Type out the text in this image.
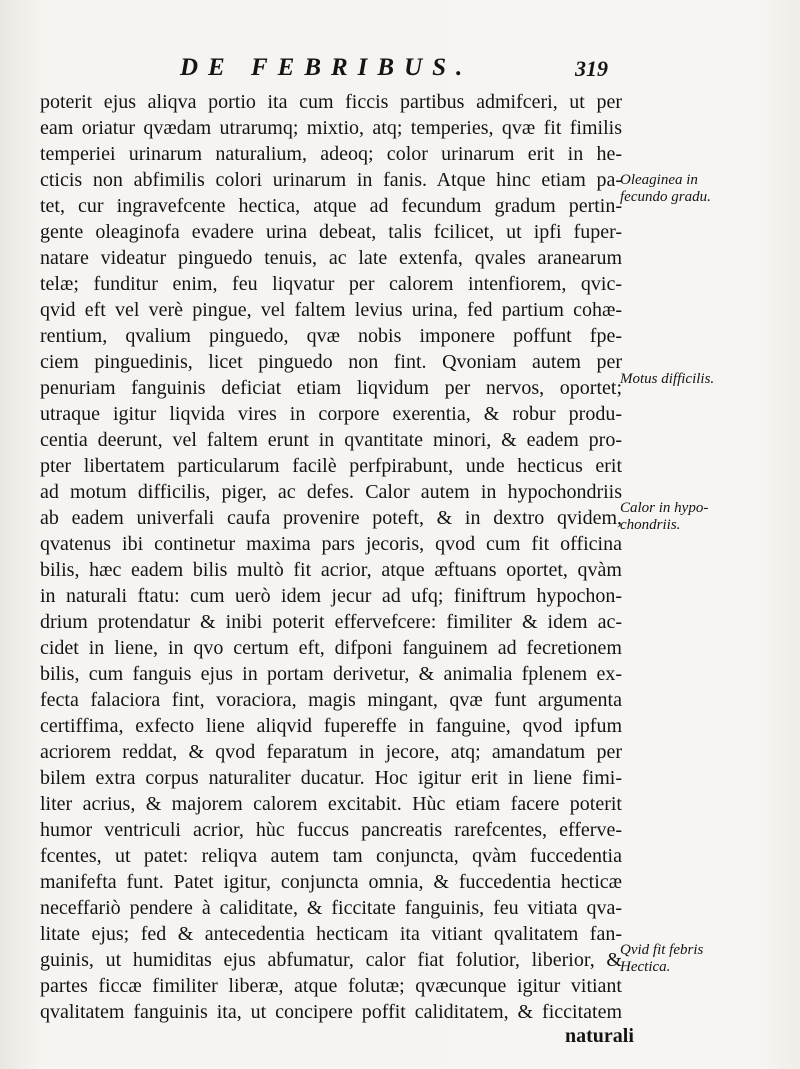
DE FEBRIBUS.	319
poterit ejus aliqva portio ita cum ficcis partibus admifceri, ut per
eam oriatur qvædam utrarumq; mixtio, atq; temperies, qvæ fit fimilis
temperiei urinarum naturalium, adeoq; color urinarum erit in he-
cticis non abfimilis colori urinarum in fanis. Atque hinc etiam pa-
tet, cur ingravefcente hectica, atque ad fecundum gradum pertin-
gente oleaginofa evadere urina debeat, talis fcilicet, ut ipfi fuper-
natare videatur pinguedo tenuis, ac late extenfa, qvales aranearum
telæ; funditur enim, feu liqvatur per calorem intenfiorem, qvic-
qvid eft vel verè pingue, vel faltem levius urina, fed partium cohæ-
rentium, qvalium pinguedo, qvæ nobis imponere poffunt fpe-
ciem pinguedinis, licet pinguedo non fint. Qvoniam autem per
penuriam fanguinis deficiat etiam liqvidum per nervos, oportet;
utraque igitur liqvida vires in corpore exerentia, & robur produ-
centia deerunt, vel faltem erunt in qvantitate minori, & eadem pro-
pter libertatem particularum facilè perfpirabunt, unde hecticus erit
ad motum difficilis, piger, ac defes. Calor autem in hypochondriis
ab eadem univerfali caufa provenire poteft, & in dextro qvidem,
qvatenus ibi continetur maxima pars jecoris, qvod cum fit officina
bilis, hæc eadem bilis multò fit acrior, atque æftuans oportet, qvàm
in naturali ftatu: cum uerò idem jecur ad ufq; finiftrum hypochon-
drium protendatur & inibi poterit effervefcere: fimiliter & idem ac-
cidet in liene, in qvo certum eft, difponi fanguinem ad fecretionem
bilis, cum fanguis ejus in portam derivetur, & animalia fplenem ex-
fecta falaciora fint, voraciora, magis mingant, qvæ funt argumenta
certiffima, exfecto liene aliqvid fupereffe in fanguine, qvod ipfum
acriorem reddat, & qvod feparatum in jecore, atq; amandatum per
bilem extra corpus naturaliter ducatur. Hoc igitur erit in liene fimi-
liter acrius, & majorem calorem excitabit. Hùc etiam facere poterit
humor ventriculi acrior, hùc fuccus pancreatis rarefcentes, efferve-
fcentes, ut patet: reliqva autem tam conjuncta, qvàm fuccedentia
manifefta funt. Patet igitur, conjuncta omnia, & fuccedentia hecticæ
neceffariò pendere à caliditate, & ficcitate fanguinis, feu vitiata qva-
litate ejus; fed & antecedentia hecticam ita vitiant qvalitatem fan-
guinis, ut humiditas ejus abfumatur, calor fiat folutior, liberior, &
partes ficcæ fimiliter liberæ, atque folutæ; qvæcunque igitur vitiant
qvalitatem fanguinis ita, ut concipere poffit caliditatem, & ficcitatem
naturali
Oleaginea in
fecundo gradu.
Motus difficilis.
Calor in hypo-
chondriis.
Qvid fit febris
Hectica.
